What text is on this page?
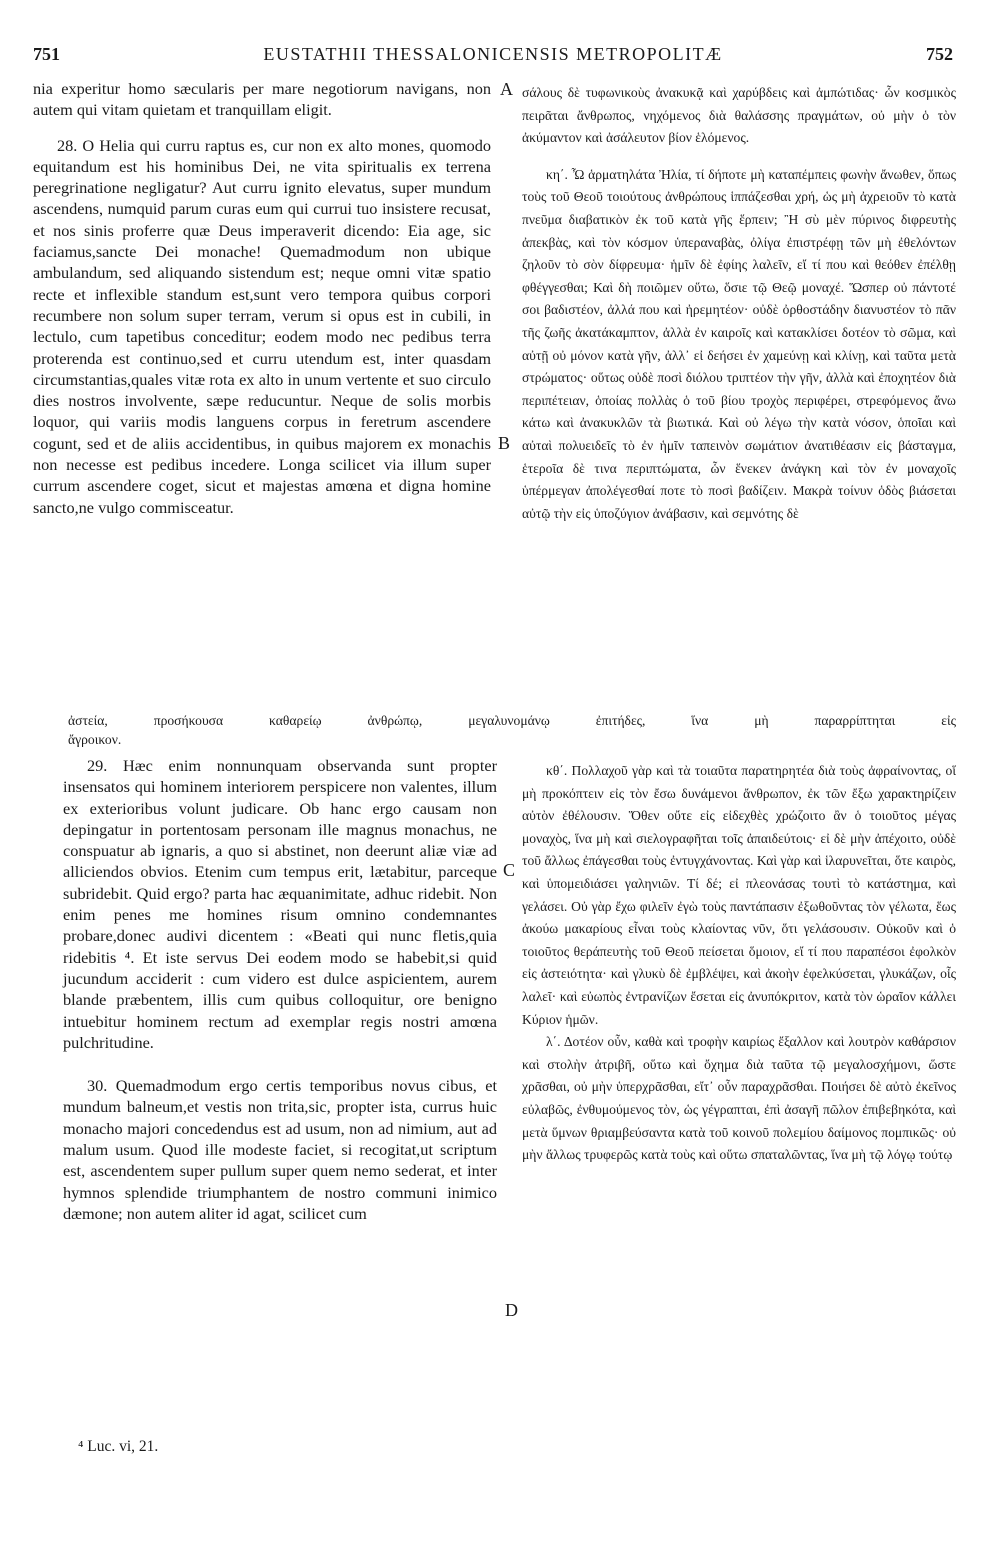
751	EUSTATHII THESSALONICENSIS METROPOLITÆ	752

nia experitur homo sæcularis per mare negotiorum navigans, non autem qui vitam quietam et tranquillam eligit.

28. O Helia qui curru raptus es, cur non ex alto mones, quomodo equitandum est his hominibus Dei, ne vita spiritualis ex terrena peregrinatione negligatur? Aut curru ignito elevatus, super mundum ascendens, numquid parum curas eum qui currui tuo insistere recusat, et nos sinis proferre quæ Deus imperaverit dicendo: Eia age, sic faciamus,sancte Dei monache! Quemadmodum non ubique ambulandum, sed aliquando sistendum est; neque omni vitæ spatio recte et inflexible standum est,sunt vero tempora quibus corpori recumbere non solum super terram, verum si opus est in cubili, in lectulo, cum tapetibus conceditur; eodem modo nec pedibus terra proterenda est continuo,sed et curru utendum est, inter quasdam circumstantias,quales vitæ rota ex alto in unum vertente et suo circulo dies nostros involvente, sæpe reducuntur. Neque de solis morbis loquor, qui variis modis languens corpus in feretrum ascendere cogunt, sed et de aliis accidentibus, in quibus majorem ex monachis non necesse est pedibus incedere. Longa scilicet via illum super currum ascendere coget, sicut et majestas amœna et digna homine sancto,ne vulgo commisceatur.

σάλους δὲ τυφωνικοὺς ἀνακυκᾷ καὶ χαρύβδεις καὶ ἀμπώτιδας· ὧν κοσμικὸς πειρᾶται ἄνθρωπος, νηχόμενος διὰ θαλάσσης πραγμάτων, οὐ μὴν ὁ τὸν ἀκύμαντον καὶ ἀσάλευτον βίον ἑλόμενος.

κη΄. Ὦ ἁρματηλάτα Ἠλία, τί δήποτε μὴ καταπέμπεις φωνὴν ἄνωθεν, ὅπως τοὺς τοῦ Θεοῦ τοιούτους ἀνθρώπους ἱππάζεσθαι χρή, ὡς μὴ ἀχρειοῦν τὸ κατὰ πνεῦμα διαβατικὸν ἐκ τοῦ κατὰ γῆς ἕρπειν; Ἢ σὺ μὲν πύρινος διφρευτὴς ἀπεκβὰς, καὶ τὸν κόσμον ὑπεραναβὰς, ὀλίγα ἐπιστρέφῃ τῶν μὴ ἐθελόντων ζηλοῦν τὸ σὸν δίφρευμα· ἡμῖν δὲ ἐφίης λαλεῖν, εἴ τί που καὶ θεόθεν ἐπέλθῃ φθέγγεσθαι; Καὶ δὴ ποιῶμεν οὕτω, ὅσιε τῷ Θεῷ μοναχέ. Ὥσπερ οὐ πάντοτέ σοι βαδιστέον, ἀλλά που καὶ ἠρεμητέον· οὐδὲ ὀρθοστάδην διανυστέον τὸ πᾶν τῆς ζωῆς ἀκατάκαμπτον, ἀλλὰ ἐν καιροῖς καὶ κατακλίσει δοτέον τὸ σῶμα, καὶ αὐτῇ οὐ μόνον κατὰ γῆν, ἀλλ᾽ εἰ δεήσει ἐν χαμεύνῃ καὶ κλίνῃ, καὶ ταῦτα μετὰ στρώματος· οὕτως οὐδὲ ποσὶ διόλου τριπτέον τὴν γῆν, ἀλλὰ καὶ ἐποχητέον διὰ περιπέτειαν, ὁποίας πολλὰς ὁ τοῦ βίου τροχὸς περιφέρει, στρεφόμενος ἄνω κάτω καὶ ἀνακυκλῶν τὰ βιωτικά. Καὶ οὐ λέγω τὴν κατὰ νόσον, ὁποῖαι καὶ αὐταὶ πολυειδεῖς τὸ ἐν ἡμῖν ταπεινὸν σωμάτιον ἀνατιθέασιν εἰς βάσταγμα, ἑτεροῖα δὲ τινα περιπτώματα, ὧν ἕνεκεν ἀνάγκη καὶ τὸν ἐν μοναχοῖς ὑπέρμεγαν ἀπολέγεσθαί ποτε τὸ ποσὶ βαδίζειν. Μακρὰ τοίνυν ὁδὸς βιάσεται αὐτῷ τὴν εἰς ὑποζύγιον ἀνάβασιν, καὶ σεμνότης δὲ

ἀστεία, προσήκουσα καθαρείῳ ἀνθρώπῳ, μεγαλυνομάνῳ ἐπιτήδες, ἵνα μὴ παραρρίπτηται εἰς
ἄγροικον.

29. Hæc enim nonnunquam observanda sunt propter insensatos qui hominem interiorem perspicere non valentes, illum ex exterioribus volunt judicare. Ob hanc ergo causam non depingatur in portentosam personam ille magnus monachus, ne conspuatur ab ignaris, a quo si abstinet, non deerunt aliæ viæ ad alliciendos obvios. Etenim cum tempus erit, lætabitur, parceque subridebit. Quid ergo? parta hac æquanimitate, adhuc ridebit. Non enim penes me homines risum omnino condemnantes probare,donec audivi dicentem : «Beati qui nunc fletis,quia ridebitis ⁴. Et iste servus Dei eodem modo se habebit,si quid jucundum acciderit : cum videro est dulce aspicientem, aurem blande præbentem, illis cum quibus colloquitur, ore benigno intuebitur hominem rectum ad exemplar regis nostri amœna pulchritudine.

30. Quemadmodum ergo certis temporibus novus cibus, et mundum balneum,et vestis non trita,sic, propter ista, currus huic monacho majori concedendus est ad usum, non ad nimium, aut ad malum usum. Quod ille modeste faciet, si recogitat,ut scriptum est, ascendentem super pullum super quem nemo sederat, et inter hymnos splendide triumphantem de nostro communi inimico dæmone; non autem aliter id agat, scilicet cum

κθ΄. Πολλαχοῦ γὰρ καὶ τὰ τοιαῦτα παρατηρητέα διὰ τοὺς ἀφραίνοντας, οἵ μὴ προκόπτειν εἰς τὸν ἔσω δυνάμενοι ἄνθρωπον, ἐκ τῶν ἔξω χαρακτηρίζειν αὐτὸν ἐθέλουσιν. Ὅθεν οὔτε εἰς εἰδεχθὲς χρώζοιτο ἂν ὁ τοιοῦτος μέγας μοναχὸς, ἵνα μὴ καὶ σιελογραφῆται τοῖς ἀπαιδεύτοις· εἰ δὲ μὴν ἀπέχοιτο, οὐδὲ τοῦ ἄλλως ἐπάγεσθαι τοὺς ἐντυγχάνοντας. Καὶ γὰρ καὶ ἱλαρυνεῖται, ὅτε καιρὸς, καὶ ὑπομειδιάσει γαληνιῶν. Τί δέ; εἰ πλεονάσας τουτὶ τὸ κατάστημα, καὶ γελάσει. Οὐ γὰρ ἔχω φιλεῖν ἐγὼ τοὺς παντάπασιν ἐξωθοῦντας τὸν γέλωτα, ἕως ἀκούω μακαρίους εἶναι τοὺς κλαίοντας νῦν, ὅτι γελάσουσιν. Οὐκοῦν καὶ ὁ τοιοῦτος θεράπευτὴς τοῦ Θεοῦ πείσεται ὅμοιον, εἴ τί που παραπέσοι ἐφολκὸν εἰς ἀστειότητα· καὶ γλυκὺ δὲ ἐμβλέψει, καὶ ἀκοὴν ἐφελκύσεται, γλυκάζων, οἷς λαλεῖ· καὶ εὐωπὸς ἐντρανίζων ἔσεται εἰς ἀνυπόκριτον, κατὰ τὸν ὡραῖον κάλλει Κύριον ἡμῶν.

λ΄. Δοτέον οὖν, καθὰ καὶ τροφὴν καιρίως ἔξαλλον καὶ λουτρὸν καθάρσιον καὶ στολὴν ἀτριβῆ, οὕτω καὶ ὄχημα διὰ ταῦτα τῷ μεγαλοσχήμονι, ὥστε χρᾶσθαι, οὐ μὴν ὑπερχρᾶσθαι, εἴτ᾽ οὖν παραχρᾶσθαι. Ποιήσει δὲ αὐτὸ ἐκεῖνος εὐλαβῶς, ἐνθυμούμενος τὸν, ὡς γέγραπται, ἐπὶ ἀσαγῆ πῶλον ἐπιβεβηκότα, καὶ μετὰ ὕμνων θριαμβεύσαντα κατὰ τοῦ κοινοῦ πολεμίου δαίμονος πομπικῶς· οὐ μὴν ἄλλως τρυφερῶς κατὰ τοὺς καὶ οὕτω σπαταλῶντας, ἵνα μὴ τῷ λόγῳ τούτῳ

A
B
C
D
⁴ Luc. vi, 21.
